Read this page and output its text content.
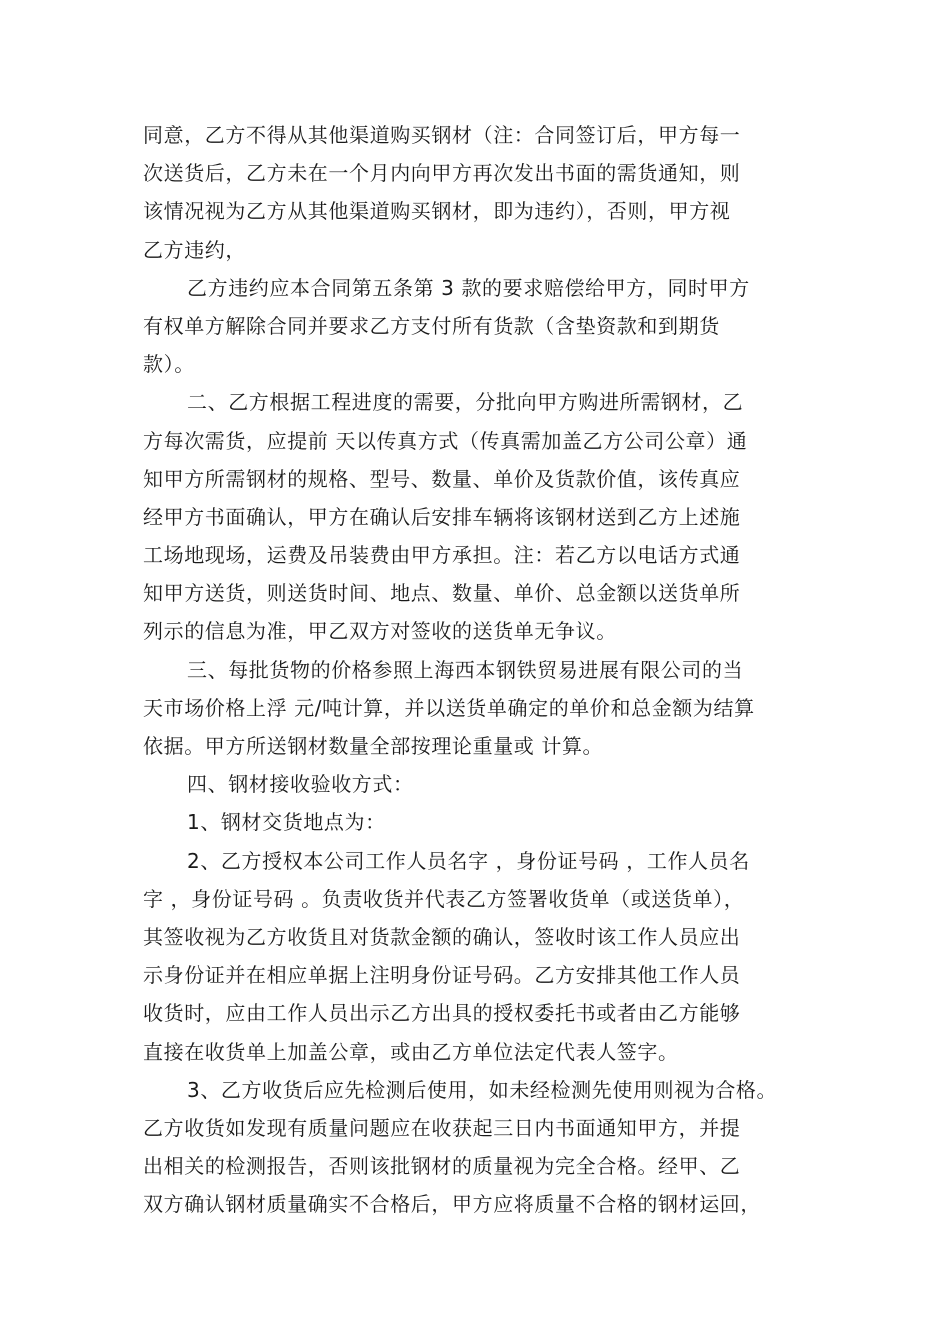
同意，乙方不得从其他渠道购买钢材（注：合同签订后，甲方每一
次送货后，乙方未在一个月内向甲方再次发出书面的需货通知，则
该情况视为乙方从其他渠道购买钢材，即为违约），否则，甲方视
乙方违约，
乙方违约应本合同第五条第 3 款的要求赔偿给甲方，同时甲方
有权单方解除合同并要求乙方支付所有货款（含垫资款和到期货
款）。
二、乙方根据工程进度的需要，分批向甲方购进所需钢材，乙
方每次需货，应提前 天以传真方式（传真需加盖乙方公司公章）通
知甲方所需钢材的规格、型号、数量、单价及货款价值，该传真应
经甲方书面确认，甲方在确认后安排车辆将该钢材送到乙方上述施
工场地现场，运费及吊装费由甲方承担。注：若乙方以电话方式通
知甲方送货，则送货时间、地点、数量、单价、总金额以送货单所
列示的信息为准，甲乙双方对签收的送货单无争议。
三、每批货物的价格参照上海西本钢铁贸易进展有限公司的当
天市场价格上浮 元/吨计算，并以送货单确定的单价和总金额为结算
依据。甲方所送钢材数量全部按理论重量或 计算。
四、钢材接收验收方式：
1、钢材交货地点为：
2、乙方授权本公司工作人员名字 ，身份证号码 ，工作人员名
字 ，身份证号码 。负责收货并代表乙方签署收货单（或送货单），
其签收视为乙方收货且对货款金额的确认，签收时该工作人员应出
示身份证并在相应单据上注明身份证号码。乙方安排其他工作人员
收货时，应由工作人员出示乙方出具的授权委托书或者由乙方能够
直接在收货单上加盖公章，或由乙方单位法定代表人签字。
3、乙方收货后应先检测后使用，如未经检测先使用则视为合格。
乙方收货如发现有质量问题应在收获起三日内书面通知甲方，并提
出相关的检测报告，否则该批钢材的质量视为完全合格。经甲、乙
双方确认钢材质量确实不合格后，甲方应将质量不合格的钢材运回，
